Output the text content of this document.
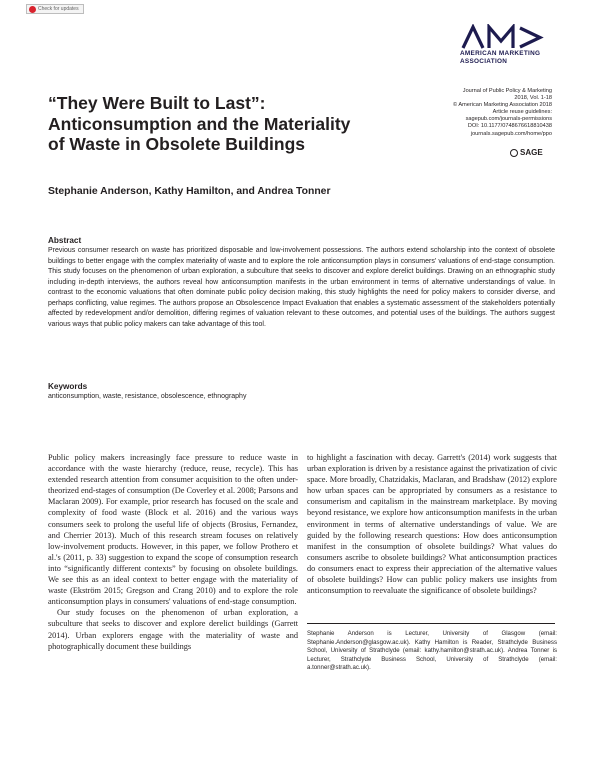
Check for updates
AMERICAN MARKETING
ASSOCIATION
Journal of Public Policy & Marketing
2018, Vol. 1-18
© American Marketing Association 2018
Article reuse guidelines:
sagepub.com/journals-permissions
DOI: 10.1177/0748676618810438
journals.sagepub.com/home/ppo
SAGE
“They Were Built to Last”:
Anticonsumption and the Materiality
of Waste in Obsolete Buildings
Stephanie Anderson, Kathy Hamilton, and Andrea Tonner
Abstract
Previous consumer research on waste has prioritized disposable and low-involvement possessions. The authors extend scholarship into the context of obsolete buildings to better engage with the complex materiality of waste and to explore the role anticonsumption plays in consumers' valuations of end-stage consumption. This study focuses on the phenomenon of urban exploration, a subculture that seeks to discover and explore derelict buildings. Drawing on an ethnographic study including in-depth interviews, the authors reveal how anticonsumption manifests in the urban environment in terms of alternative understandings of value. In contrast to the economic valuations that often dominate public policy decision making, this study highlights the need for policy makers to consider diverse, and perhaps conflicting, value regimes. The authors propose an Obsolescence Impact Evaluation that enables a systematic assessment of the stakeholders potentially affected by redevelopment and/or demolition, differing regimes of valuation relevant to these outcomes, and potential uses of the buildings. The authors suggest various ways that public policy makers can take advantage of this tool.
Keywords
anticonsumption, waste, resistance, obsolescence, ethnography

Public policy makers increasingly face pressure to reduce waste in accordance with the waste hierarchy (reduce, reuse, recycle). This has extended research attention from consumer acquisition to the often under-theorized end-stages of consumption (De Coverley et al. 2008; Parsons and Maclaran 2009). For example, prior research has focused on the scale and complexity of food waste (Block et al. 2016) and the various ways consumers seek to prolong the useful life of objects (Brosius, Fernandez, and Cherrier 2013). Much of this research stream focuses on relatively low-involvement products. However, in this paper, we follow Prothero et al.'s (2011, p. 33) suggestion to expand the scope of consumption research into “significantly different contexts” by focusing on obsolete buildings. We see this as an ideal context to better engage with the materiality of waste (Ekström 2015; Gregson and Crang 2010) and to explore the role anticonsumption plays in consumers' valuations of end-stage consumption.

Our study focuses on the phenomenon of urban exploration, a subculture that seeks to discover and explore derelict buildings (Garrett 2014). Urban explorers engage with the materiality of waste and photographically document these buildings

to highlight a fascination with decay. Garrett's (2014) work suggests that urban exploration is driven by a resistance against the privatization of civic space. More broadly, Chatzidakis, Maclaran, and Bradshaw (2012) explore how urban spaces can be appropriated by consumers as a resistance to consumerism and capitalism in the mainstream marketplace. By moving beyond resistance, we explore how anticonsumption manifests in the urban environment in terms of alternative understandings of value. We are guided by the following research questions: How does anticonsumption manifest in the consumption of obsolete buildings? What values do consumers ascribe to obsolete buildings? What anticonsumption practices do consumers enact to express their appreciation of the alternative values of obsolete buildings? How can public policy makers use insights from anticonsumption to reevaluate the significance of obsolete buildings?

Stephanie Anderson is Lecturer, University of Glasgow (email: Stephanie.Anderson@glasgow.ac.uk). Kathy Hamilton is Reader, Strathclyde Business School, University of Strathclyde (email: kathy.hamilton@strath.ac.uk). Andrea Tonner is Lecturer, Strathclyde Business School, University of Strathclyde (email: a.tonner@strath.ac.uk).
